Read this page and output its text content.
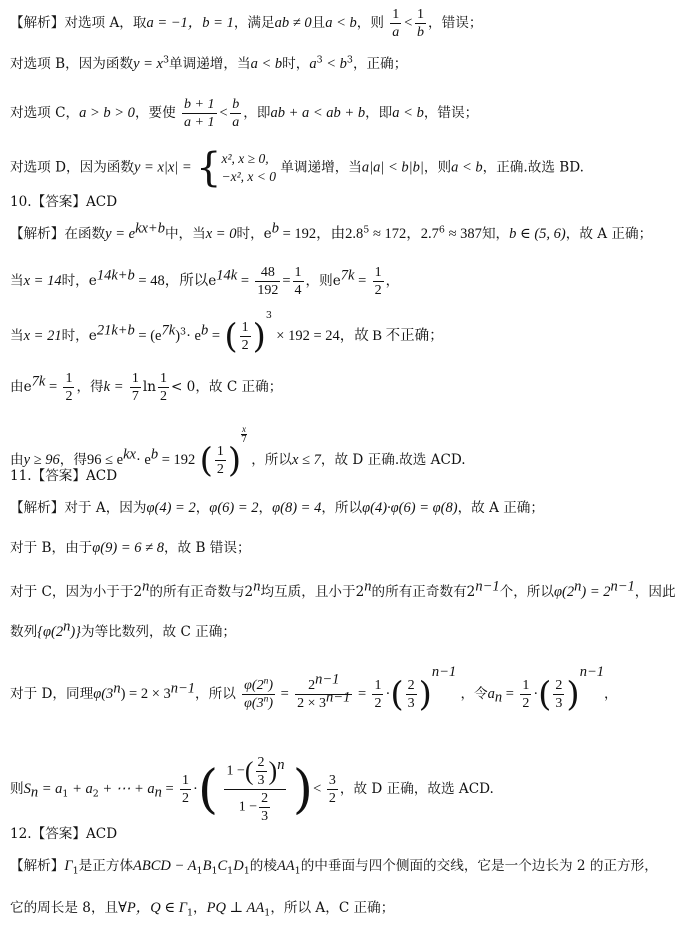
【解析】对选项 A，取a = −1，b = 1，满足ab ≠ 0且a < b，则 $\frac{1}{a} < \frac{1}{b}$ ，错误；
对选项 B，因为函数$y = x^3$单调递增，当a < b时，$a^3 < b^3$，正确；
对选项 C，a > b > 0，要使 $\frac{b + 1}{a + 1} < \frac{b}{a}$ ，即ab + a < ab + b，即a < b，错误；
对选项 D，因为函数y = x|x| = { x², x ≥ 0,
−x², x < 0
单调递增，当a|a| < b|b|，则a < b，正确.故选 BD.
10.【答案】ACD
【解析】在函数$y = e^{kx+b}$中，当x = 0时，$e^b = 192$，由$2.8^5 \approx 172$，$2.7^6 \approx 387$知，b ∈ (5, 6)，故 A 正确；
当x = 14时，$e^{14k+b} = 48$，所以$e^{14k} = \frac{48}{192} = \frac{1}{4}$ ，则$e^{7k} = \frac{1}{2}$ ，
当x = 21时，$e^{21k+b} = (e^{7k})^3\cdot e^b$ = ( $\frac{1}{2} )^3 \times 192 = 24$，故 B 不正确；
由$e^{7k} = \frac{1}{2}$ ，得$k = \frac{1}{7}$ $\ln \frac{1}{2} < 0$，故 C 正确；
由y ≥ 96，得$96 \le e^{kx}\cdot e^b = 192$ ( $\frac{1}{2}$ )
$\frac{x}{7}$
，所以x ≤ 7，故 D 正确.故选 ACD.
11.【答案】ACD
【解析】对于 A，因为φ(4) = 2，φ(6) = 2，φ(8) = 4，所以φ(4)·φ(6) = φ(8)，故 A 正确；
对于 B，由于φ(9) = 6 ≠ 8，故 B 错误；
对于 C，因为小于于2$^n$的所有正奇数与2$^n$均互质，且小于2$^n$的所有正奇数有$2^{n-1}$个，所以$\varphi(2^n) = 2^{n-1}$，因此
数列{φ(2$^n$)}为等比数列，故 C 正确；
对于 D，同理$\varphi(3^n) = 2 \times 3^{n-1}$，所以 $\frac{\varphi(2^n)}{\varphi(3^n)} = \frac{2^{n-1}}{2 \times 3^{n-1}} = \frac{1}{2}$ ·( $\frac{2}{3} )^{n-1}$ ，令$a_n = \frac{1}{2}$ ·( $\frac{2}{3} )^{n-1}$，
则$S_n = a_1 + a_2$ + ⋯ + $a_n = \frac{1}{2}$ ·( $\frac{1 -( \frac{2}{3} )^n}{1 - \frac{2}{3}}$ )< $\frac{3}{2}$ ，故 D 正确，故选 ACD.
12.【答案】ACD
【解析】$\Gamma_1$是正方体ABCD − $A_1B_1C_1D_1$的棱$AA_1$的中垂面与四个侧面的交线，它是一个边长为 2 的正方形，
它的周长是 8，且∀P，Q ∈ $\Gamma_1$，PQ ⊥ $AA_1$，所以 A，C 正确；
